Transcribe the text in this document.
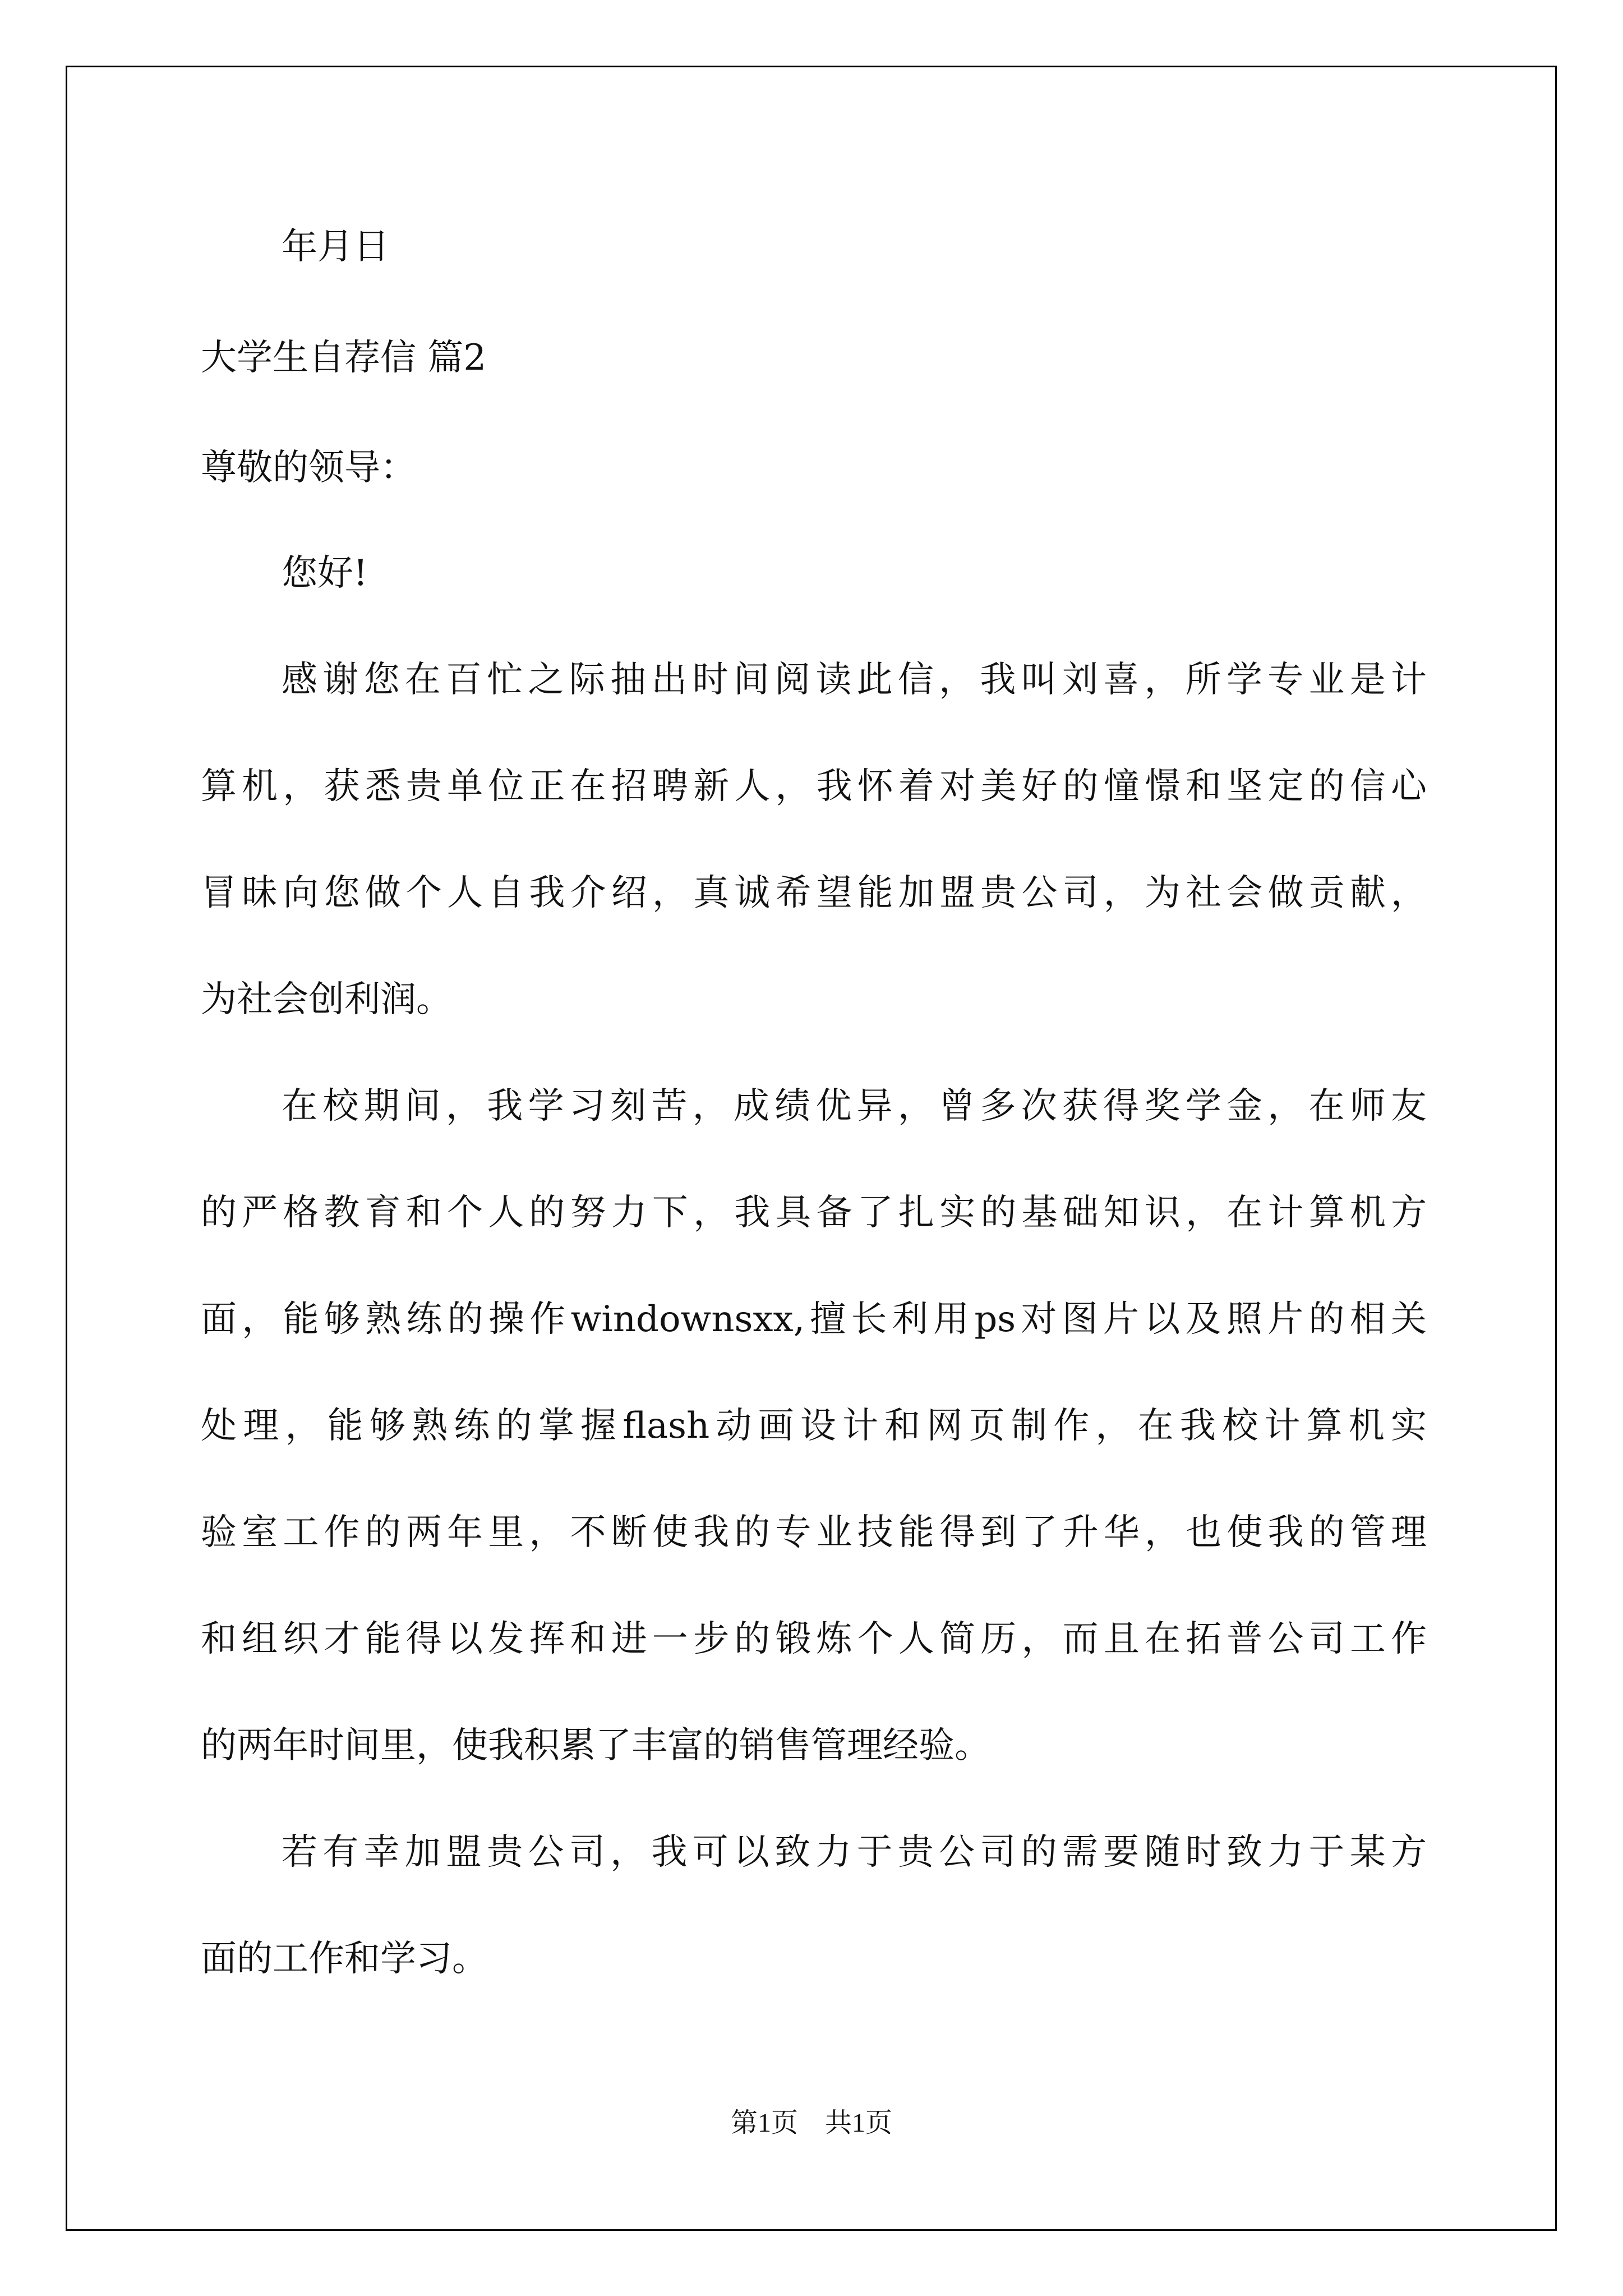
年月日
大学生自荐信 篇2
尊敬的领导：
您好!
感谢您在百忙之际抽出时间阅读此信，我叫刘喜，所学专业是计
算机，获悉贵单位正在招聘新人，我怀着对美好的憧憬和坚定的信心
冒昧向您做个人自我介绍，真诚希望能加盟贵公司，为社会做贡献，
为社会创利润。
在校期间，我学习刻苦，成绩优异，曾多次获得奖学金，在师友
的严格教育和个人的努力下，我具备了扎实的基础知识，在计算机方
面，能够熟练的操作windownsxx,擅长利用ps对图片以及照片的相关
处理，能够熟练的掌握flash动画设计和网页制作，在我校计算机实
验室工作的两年里，不断使我的专业技能得到了升华，也使我的管理
和组织才能得以发挥和进一步的锻炼个人简历，而且在拓普公司工作
的两年时间里，使我积累了丰富的销售管理经验。
若有幸加盟贵公司，我可以致力于贵公司的需要随时致力于某方
面的工作和学习。
第1页　共1页
